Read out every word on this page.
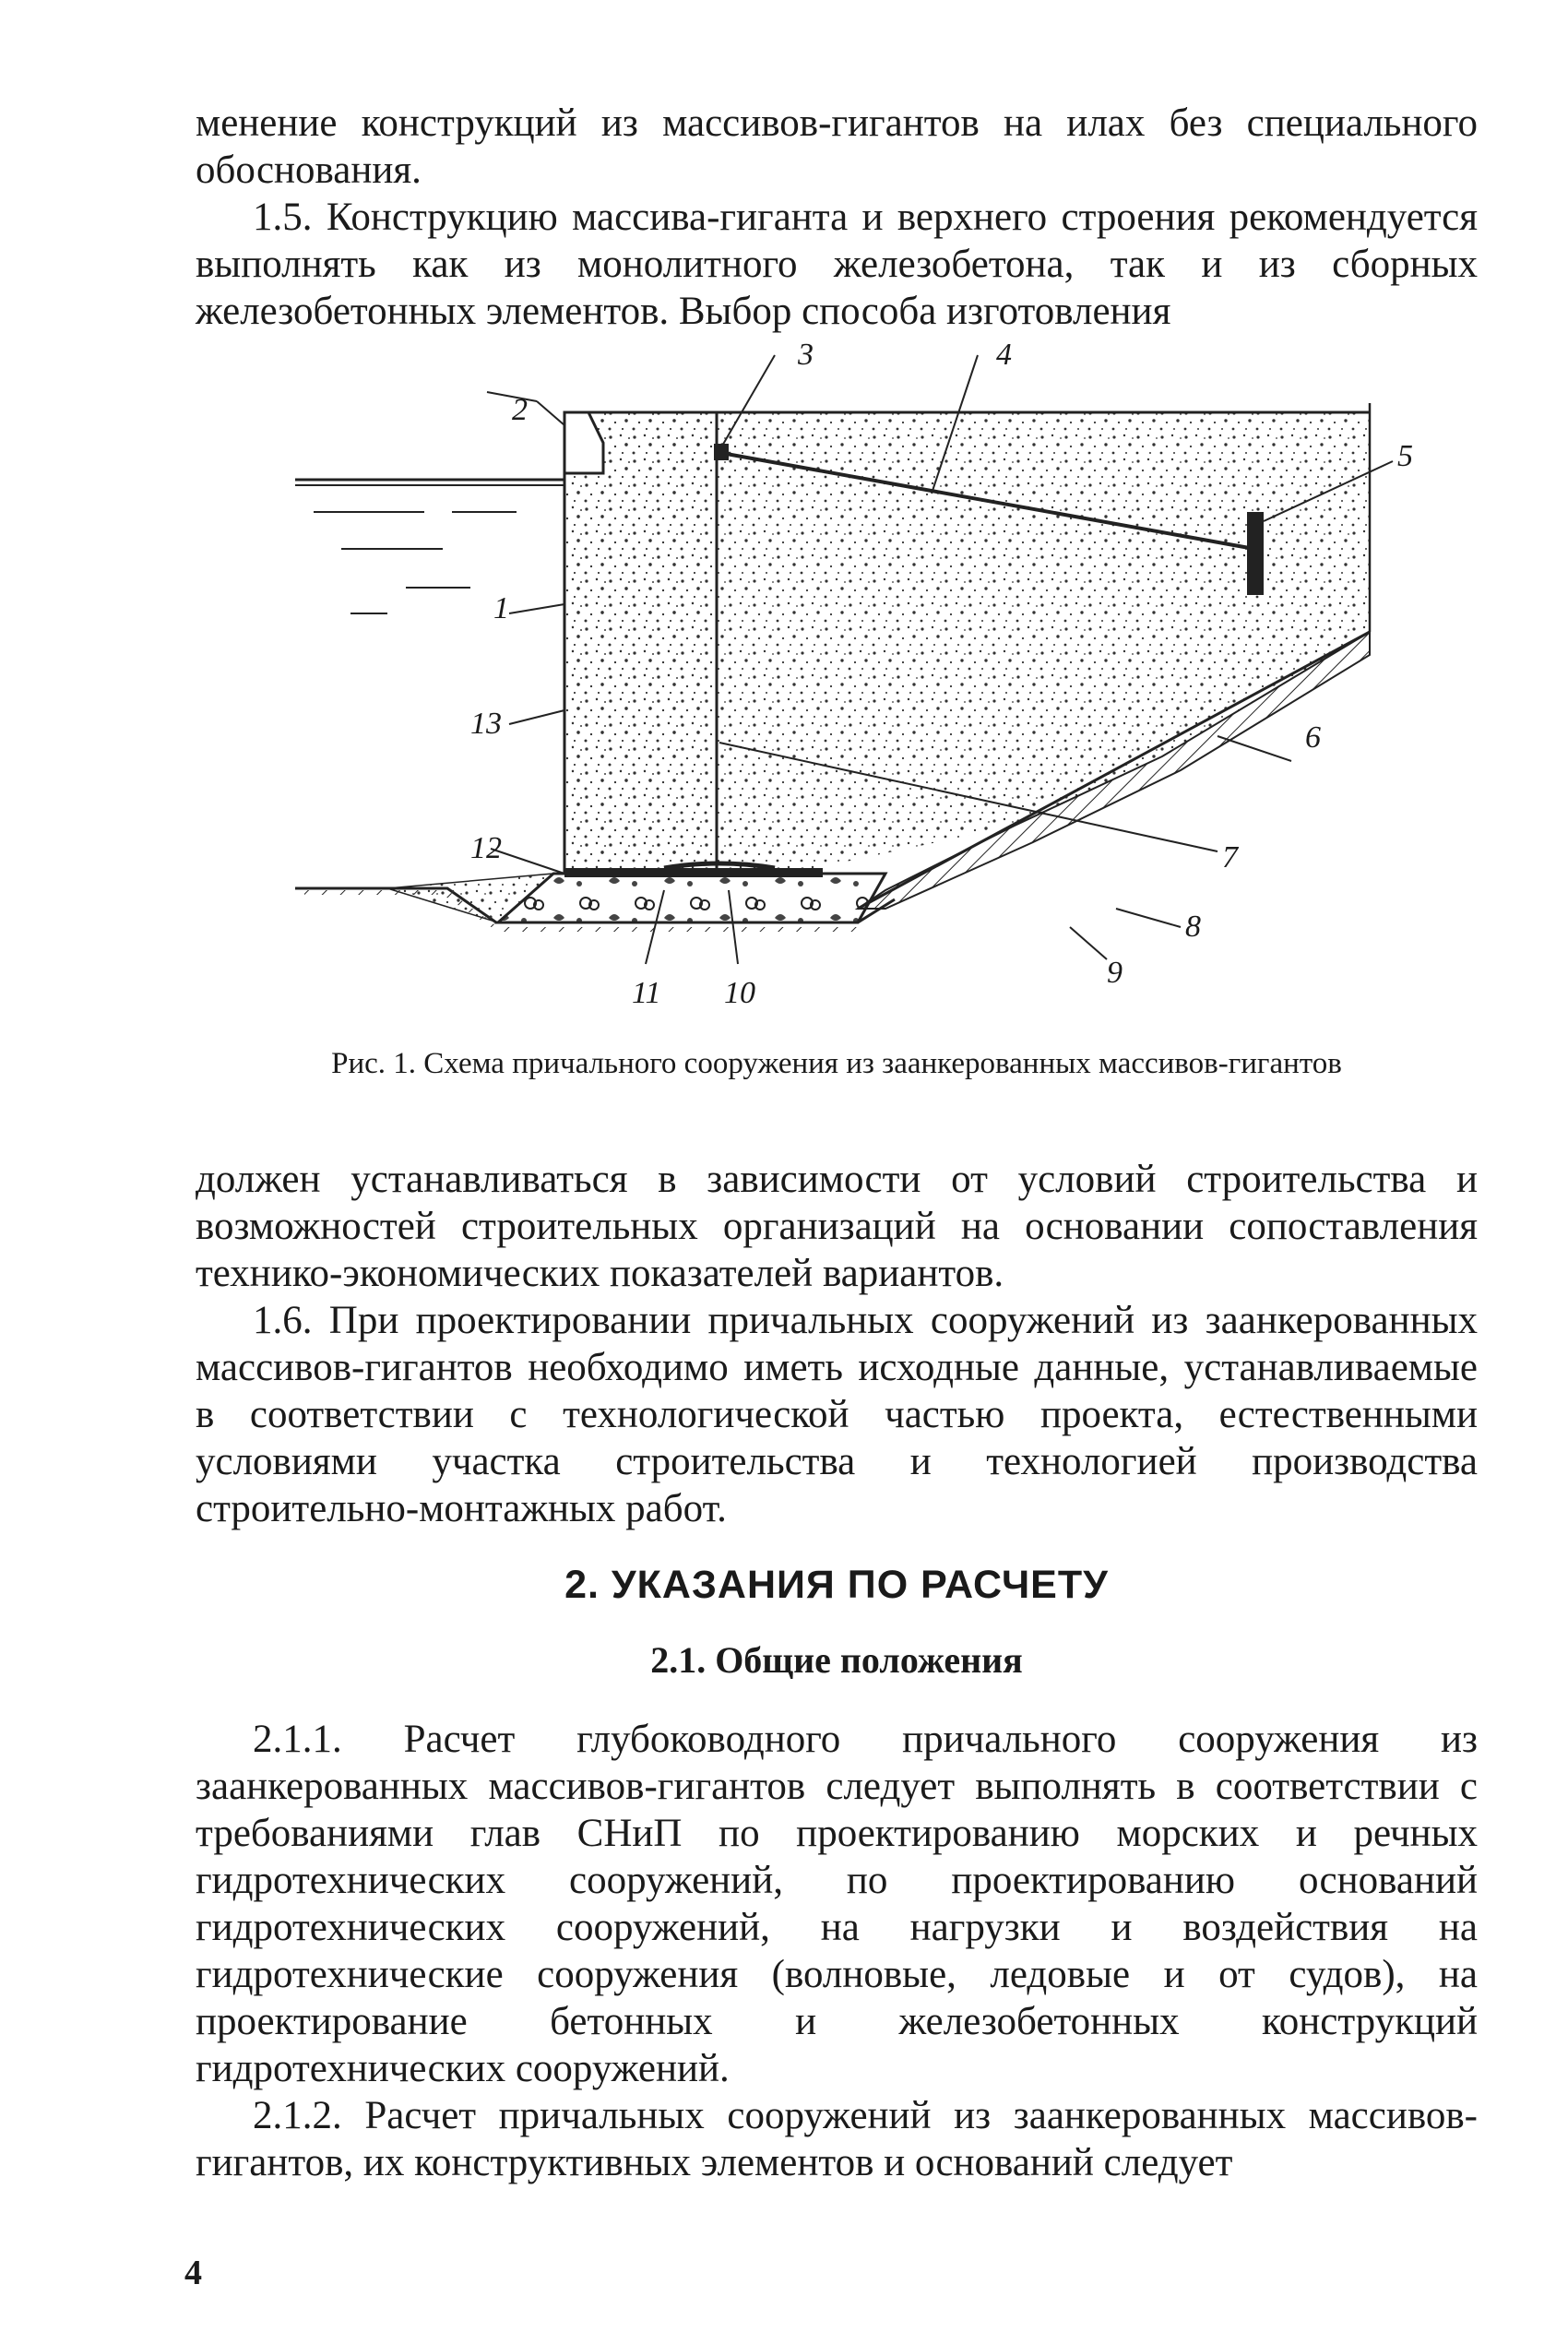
менение конструкций из массивов-гигантов на илах без специального обоснования.

1.5. Конструкцию массива-гиганта и верхнего строения рекомендуется выполнять как из монолитного железобетона, так и из сборных железобетонных элементов. Выбор способа изготовления

3	4
2
5
1
13	6
7
12
8
9
10
11
Рис. 1. Схема причального сооружения из заанкерованных массивов-гигантов

должен устанавливаться в зависимости от условий строительства и возможностей строительных организаций на основании сопоставления технико-экономических показателей вариантов.

1.6. При проектировании причальных сооружений из заанкерованных массивов-гигантов необходимо иметь исходные данные, устанавливаемые в соответствии с технологической частью проекта, естественными условиями участка строительства и технологией производства строительно-монтажных работ.

2. УКАЗАНИЯ ПО РАСЧЕТУ
2.1. Общие положения

2.1.1. Расчет глубоководного причального сооружения из заанкерованных массивов-гигантов следует выполнять в соответствии с требованиями глав СНиП по проектированию морских и речных гидротехнических сооружений, по проектированию оснований гидротехнических сооружений, на нагрузки и воздействия на гидротехнические сооружения (волновые, ледовые и от судов), на проектирование бетонных и железобетонных конструкций гидротехнических сооружений.

2.1.2. Расчет причальных сооружений из заанкерованных массивов-гигантов, их конструктивных элементов и оснований следует

4
